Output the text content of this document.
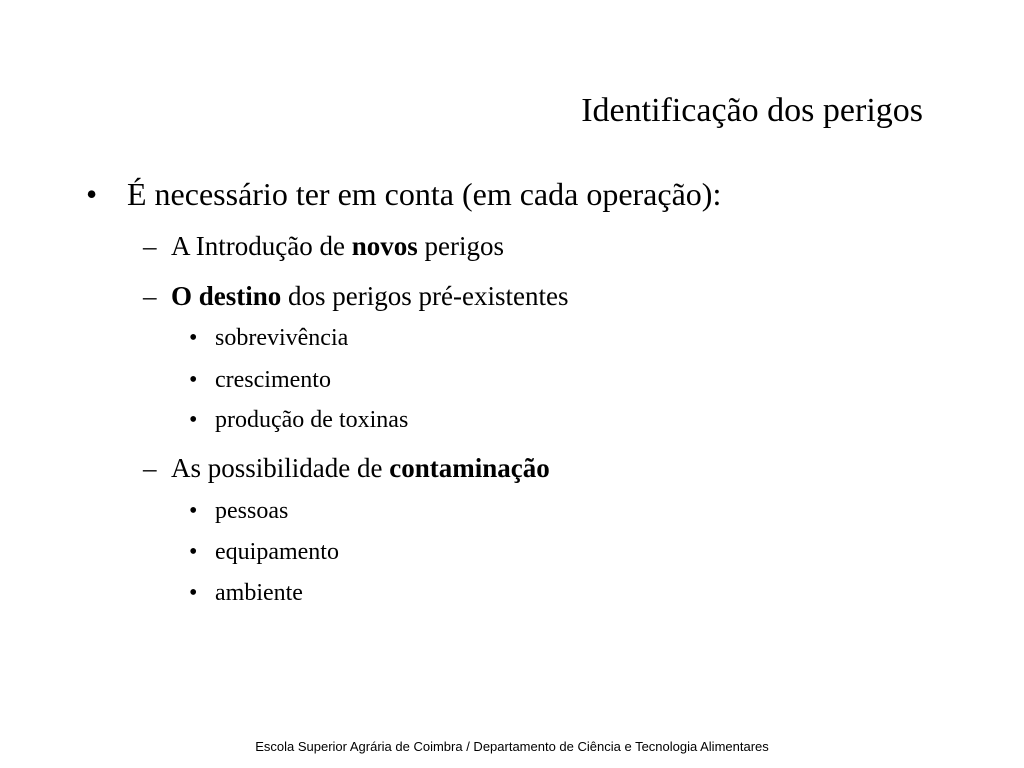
Identificação dos perigos
• É necessário ter em conta (em cada operação):
– A Introdução de novos perigos
– O destino dos perigos pré-existentes
• sobrevivência
• crescimento
• produção de toxinas
– As possibilidade de contaminação
• pessoas
• equipamento
• ambiente
Escola Superior Agrária de Coimbra / Departamento de Ciência e Tecnologia Alimentares
